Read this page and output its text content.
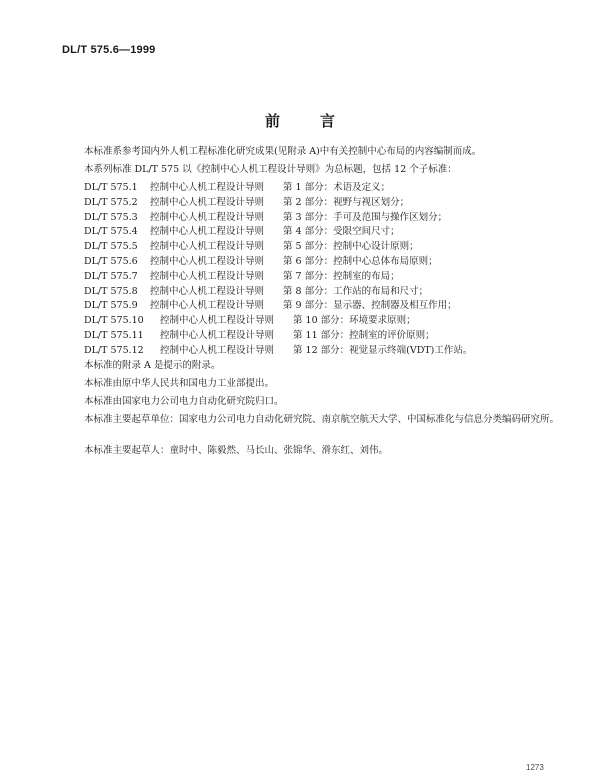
DL/T 575.6—1999
前	言
本标准系参考国内外人机工程标准化研究成果(见附录 A)中有关控制中心布局的内容编制而成。
本系列标准 DL/T 575 以《控制中心人机工程设计导则》为总标题，包括 12 个子标准：
DL/T 575.1	控制中心人机工程设计导则	第 1 部分：术语及定义；
DL/T 575.2	控制中心人机工程设计导则	第 2 部分：视野与视区划分；
DL/T 575.3	控制中心人机工程设计导则	第 3 部分：手可及范围与操作区划分；
DL/T 575.4	控制中心人机工程设计导则	第 4 部分：受限空间尺寸；
DL/T 575.5	控制中心人机工程设计导则	第 5 部分：控制中心设计原则；
DL/T 575.6	控制中心人机工程设计导则	第 6 部分：控制中心总体布局原则；
DL/T 575.7	控制中心人机工程设计导则	第 7 部分：控制室的布局；
DL/T 575.8	控制中心人机工程设计导则	第 8 部分：工作站的布局和尺寸；
DL/T 575.9	控制中心人机工程设计导则	第 9 部分：显示器、控制器及相互作用；
DL/T 575.10	控制中心人机工程设计导则	第 10 部分：环境要求原则；
DL/T 575.11	控制中心人机工程设计导则	第 11 部分：控制室的评价原则；
DL/T 575.12	控制中心人机工程设计导则	第 12 部分：视觉显示终端(VDT)工作站。
本标准的附录 A 是提示的附录。
本标准由原中华人民共和国电力工业部提出。
本标准由国家电力公司电力自动化研究院归口。
本标准主要起草单位：国家电力公司电力自动化研究院、南京航空航天大学、中国标准化与信息分类编码研究所。
本标准主要起草人：童时中、陈毅然、马长山、张锦华、滑东红、刘伟。
1273
